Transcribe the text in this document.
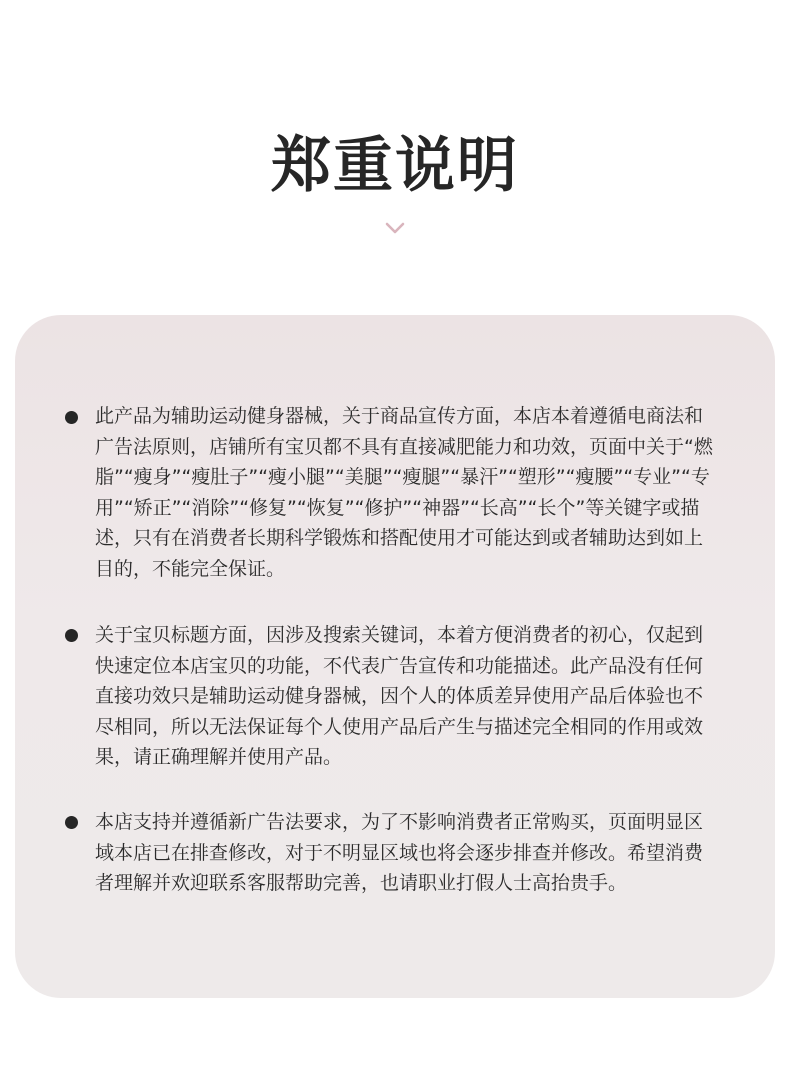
郑重说明
此产品为辅助运动健身器械，关于商品宣传方面，本店本着遵循电商法和广告法原则，店铺所有宝贝都不具有直接减肥能力和功效，页面中关于“燃脂”“瘦身”“瘦肚子”“瘦小腿”“美腿”“瘦腿”“暴汗”“塑形”“瘦腰”“专业”“专用”“矫正”“消除”“修复”“恢复”“修护”“神器”“长高”“长个”等关键字或描述，只有在消费者长期科学锻炼和搭配使用才可能达到或者辅助达到如上目的，不能完全保证。
关于宝贝标题方面，因涉及搜索关键词，本着方便消费者的初心，仅起到快速定位本店宝贝的功能，不代表广告宣传和功能描述。此产品没有任何直接功效只是辅助运动健身器械，因个人的体质差异使用产品后体验也不尽相同，所以无法保证每个人使用产品后产生与描述完全相同的作用或效果，请正确理解并使用产品。
本店支持并遵循新广告法要求，为了不影响消费者正常购买，页面明显区域本店已在排查修改，对于不明显区域也将会逐步排查并修改。希望消费者理解并欢迎联系客服帮助完善，也请职业打假人士高抬贵手。
